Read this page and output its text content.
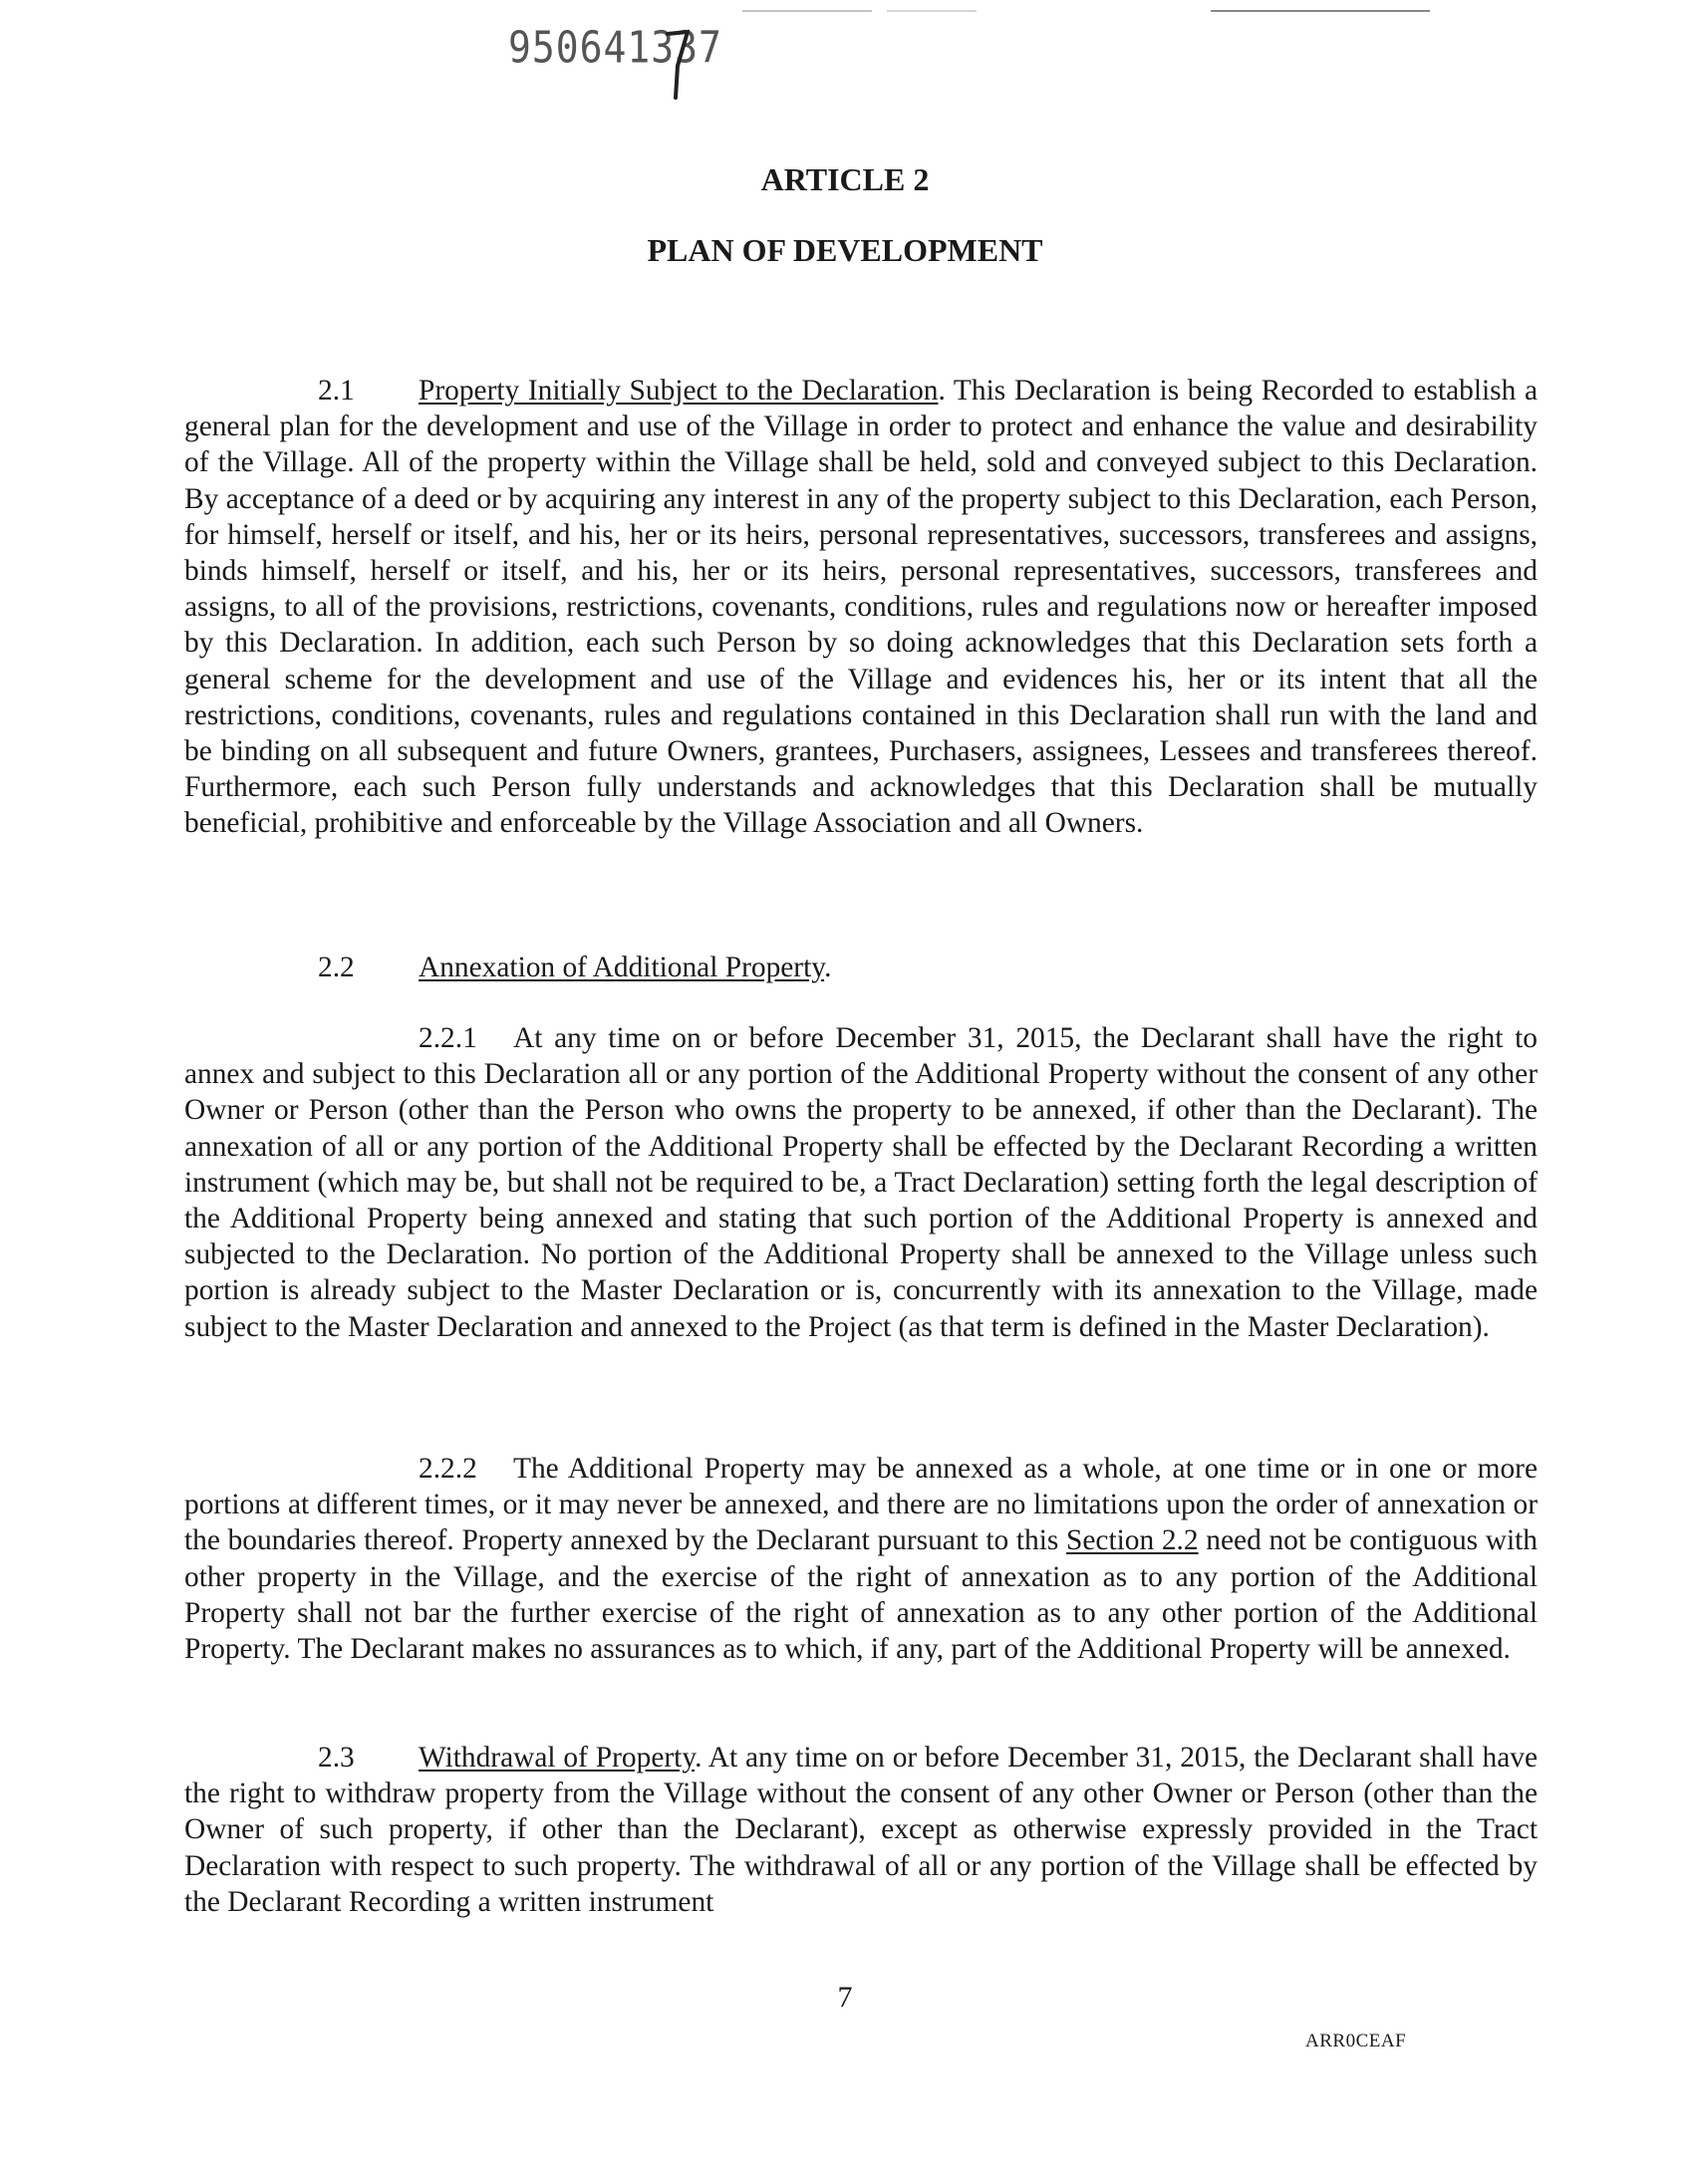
950641337
ARTICLE 2
PLAN OF DEVELOPMENT

2.1 Property Initially Subject to the Declaration. This Declaration is being Recorded to establish a general plan for the development and use of the Village in order to protect and enhance the value and desirability of the Village. All of the property within the Village shall be held, sold and conveyed subject to this Declaration. By acceptance of a deed or by acquiring any interest in any of the property subject to this Declaration, each Person, for himself, herself or itself, and his, her or its heirs, personal representatives, successors, transferees and assigns, binds himself, herself or itself, and his, her or its heirs, personal representatives, successors, transferees and assigns, to all of the provisions, restrictions, covenants, conditions, rules and regulations now or hereafter imposed by this Declaration. In addition, each such Person by so doing acknowledges that this Declaration sets forth a general scheme for the development and use of the Village and evidences his, her or its intent that all the restrictions, conditions, covenants, rules and regulations contained in this Declaration shall run with the land and be binding on all subsequent and future Owners, grantees, Purchasers, assignees, Lessees and transferees thereof. Furthermore, each such Person fully understands and acknowledges that this Declaration shall be mutually beneficial, prohibitive and enforceable by the Village Association and all Owners.

2.2 Annexation of Additional Property.

2.2.1 At any time on or before December 31, 2015, the Declarant shall have the right to annex and subject to this Declaration all or any portion of the Additional Property without the consent of any other Owner or Person (other than the Person who owns the property to be annexed, if other than the Declarant). The annexation of all or any portion of the Additional Property shall be effected by the Declarant Recording a written instrument (which may be, but shall not be required to be, a Tract Declaration) setting forth the legal description of the Additional Property being annexed and stating that such portion of the Additional Property is annexed and subjected to the Declaration. No portion of the Additional Property shall be annexed to the Village unless such portion is already subject to the Master Declaration or is, concurrently with its annexation to the Village, made subject to the Master Declaration and annexed to the Project (as that term is defined in the Master Declaration).

2.2.2 The Additional Property may be annexed as a whole, at one time or in one or more portions at different times, or it may never be annexed, and there are no limitations upon the order of annexation or the boundaries thereof. Property annexed by the Declarant pursuant to this Section 2.2 need not be contiguous with other property in the Village, and the exercise of the right of annexation as to any portion of the Additional Property shall not bar the further exercise of the right of annexation as to any other portion of the Additional Property. The Declarant makes no assurances as to which, if any, part of the Additional Property will be annexed.

2.3 Withdrawal of Property. At any time on or before December 31, 2015, the Declarant shall have the right to withdraw property from the Village without the consent of any other Owner or Person (other than the Owner of such property, if other than the Declarant), except as otherwise expressly provided in the Tract Declaration with respect to such property. The withdrawal of all or any portion of the Village shall be effected by the Declarant Recording a written instrument

7
ARR0CEAF
